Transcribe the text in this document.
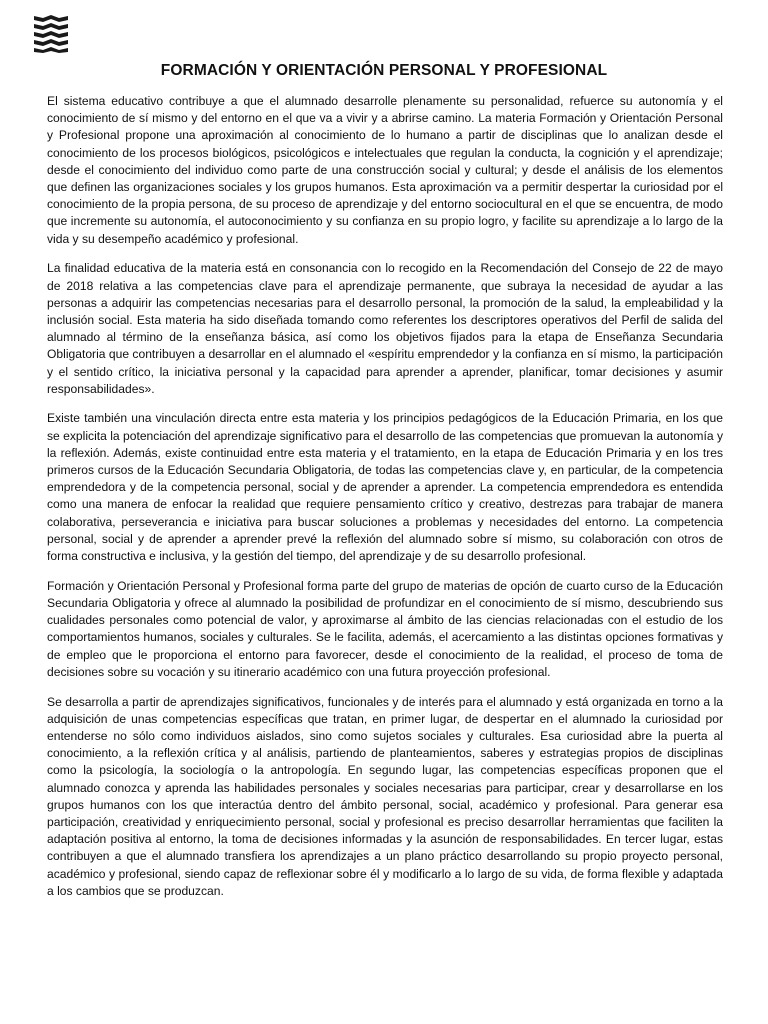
FORMACIÓN Y ORIENTACIÓN PERSONAL Y PROFESIONAL

El sistema educativo contribuye a que el alumnado desarrolle plenamente su personalidad, refuerce su autonomía y el conocimiento de sí mismo y del entorno en el que va a vivir y a abrirse camino. La materia Formación y Orientación Personal y Profesional propone una aproximación al conocimiento de lo humano a partir de disciplinas que lo analizan desde el conocimiento de los procesos biológicos, psicológicos e intelectuales que regulan la conducta, la cognición y el aprendizaje; desde el conocimiento del individuo como parte de una construcción social y cultural; y desde el análisis de los elementos que definen las organizaciones sociales y los grupos humanos. Esta aproximación va a permitir despertar la curiosidad por el conocimiento de la propia persona, de su proceso de aprendizaje y del entorno sociocultural en el que se encuentra, de modo que incremente su autonomía, el autoconocimiento y su confianza en su propio logro, y facilite su aprendizaje a lo largo de la vida y su desempeño académico y profesional.

La finalidad educativa de la materia está en consonancia con lo recogido en la Recomendación del Consejo de 22 de mayo de 2018 relativa a las competencias clave para el aprendizaje permanente, que subraya la necesidad de ayudar a las personas a adquirir las competencias necesarias para el desarrollo personal, la promoción de la salud, la empleabilidad y la inclusión social. Esta materia ha sido diseñada tomando como referentes los descriptores operativos del Perfil de salida del alumnado al término de la enseñanza básica, así como los objetivos fijados para la etapa de Enseñanza Secundaria Obligatoria que contribuyen a desarrollar en el alumnado el «espíritu emprendedor y la confianza en sí mismo, la participación y el sentido crítico, la iniciativa personal y la capacidad para aprender a aprender, planificar, tomar decisiones y asumir responsabilidades».

Existe también una vinculación directa entre esta materia y los principios pedagógicos de la Educación Primaria, en los que se explicita la potenciación del aprendizaje significativo para el desarrollo de las competencias que promuevan la autonomía y la reflexión. Además, existe continuidad entre esta materia y el tratamiento, en la etapa de Educación Primaria y en los tres primeros cursos de la Educación Secundaria Obligatoria, de todas las competencias clave y, en particular, de la competencia emprendedora y de la competencia personal, social y de aprender a aprender. La competencia emprendedora es entendida como una manera de enfocar la realidad que requiere pensamiento crítico y creativo, destrezas para trabajar de manera colaborativa, perseverancia e iniciativa para buscar soluciones a problemas y necesidades del entorno. La competencia personal, social y de aprender a aprender prevé la reflexión del alumnado sobre sí mismo, su colaboración con otros de forma constructiva e inclusiva, y la gestión del tiempo, del aprendizaje y de su desarrollo profesional.

Formación y Orientación Personal y Profesional forma parte del grupo de materias de opción de cuarto curso de la Educación Secundaria Obligatoria y ofrece al alumnado la posibilidad de profundizar en el conocimiento de sí mismo, descubriendo sus cualidades personales como potencial de valor, y aproximarse al ámbito de las ciencias relacionadas con el estudio de los comportamientos humanos, sociales y culturales. Se le facilita, además, el acercamiento a las distintas opciones formativas y de empleo que le proporciona el entorno para favorecer, desde el conocimiento de la realidad, el proceso de toma de decisiones sobre su vocación y su itinerario académico con una futura proyección profesional.

Se desarrolla a partir de aprendizajes significativos, funcionales y de interés para el alumnado y está organizada en torno a la adquisición de unas competencias específicas que tratan, en primer lugar, de despertar en el alumnado la curiosidad por entenderse no sólo como individuos aislados, sino como sujetos sociales y culturales. Esa curiosidad abre la puerta al conocimiento, a la reflexión crítica y al análisis, partiendo de planteamientos, saberes y estrategias propios de disciplinas como la psicología, la sociología o la antropología. En segundo lugar, las competencias específicas proponen que el alumnado conozca y aprenda las habilidades personales y sociales necesarias para participar, crear y desarrollarse en los grupos humanos con los que interactúa dentro del ámbito personal, social, académico y profesional. Para generar esa participación, creatividad y enriquecimiento personal, social y profesional es preciso desarrollar herramientas que faciliten la adaptación positiva al entorno, la toma de decisiones informadas y la asunción de responsabilidades. En tercer lugar, estas contribuyen a que el alumnado transfiera los aprendizajes a un plano práctico desarrollando su propio proyecto personal, académico y profesional, siendo capaz de reflexionar sobre él y modificarlo a lo largo de su vida, de forma flexible y adaptada a los cambios que se produzcan.
